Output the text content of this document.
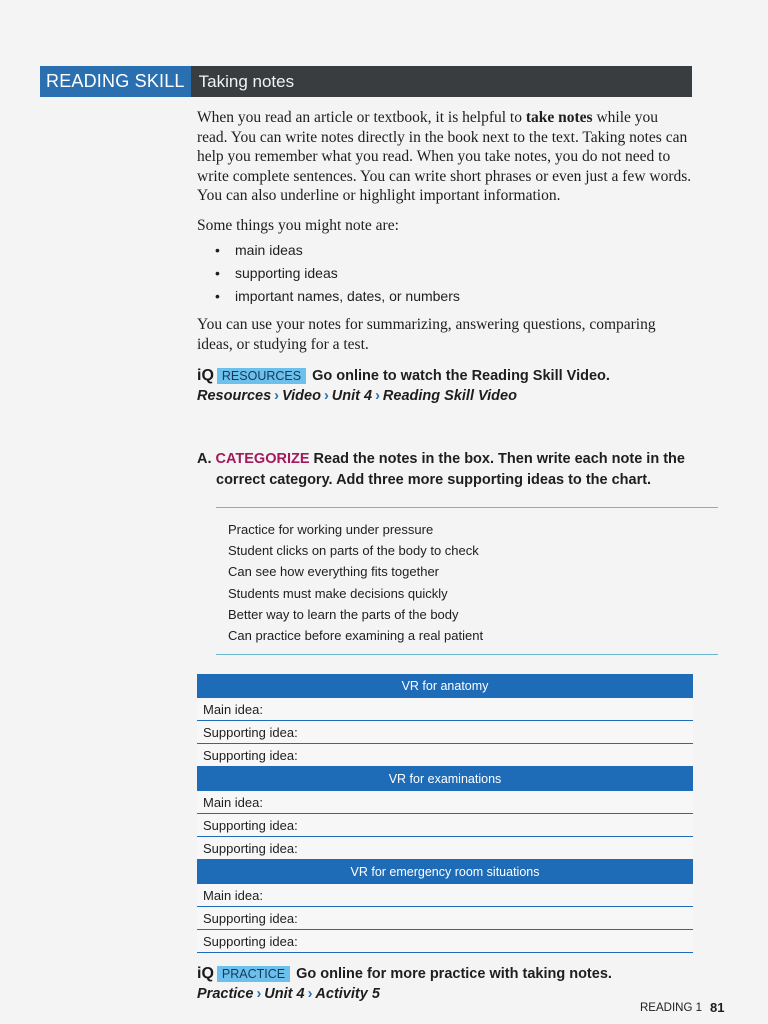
READING SKILL Taking notes

When you read an article or textbook, it is helpful to take notes while you read. You can write notes directly in the book next to the text. Taking notes can help you remember what you read. When you take notes, you do not need to write complete sentences. You can write short phrases or even just a few words. You can also underline or highlight important information.

Some things you might note are:

•	main ideas
•	supporting ideas
•	important names, dates, or numbers

You can use your notes for summarizing, answering questions, comparing ideas, or studying for a test.

iQ RESOURCES Go online to watch the Reading Skill Video.
Resources › Video › Unit 4 › Reading Skill Video
A. CATEGORIZE Read the notes in the box. Then write each note in the
correct category. Add three more supporting ideas to the chart.
Practice for working under pressure
Student clicks on parts of the body to check
Can see how everything fits together
Students must make decisions quickly
Better way to learn the parts of the body
Can practice before examining a real patient
VR for anatomy
Main idea:
Supporting idea:
Supporting idea:
VR for examinations
Main idea:
Supporting idea:
Supporting idea:
VR for emergency room situations
Main idea:
Supporting idea:
Supporting idea:
iQ PRACTICE Go online for more practice with taking notes.
Practice › Unit 4 › Activity 5
READING 1 81
